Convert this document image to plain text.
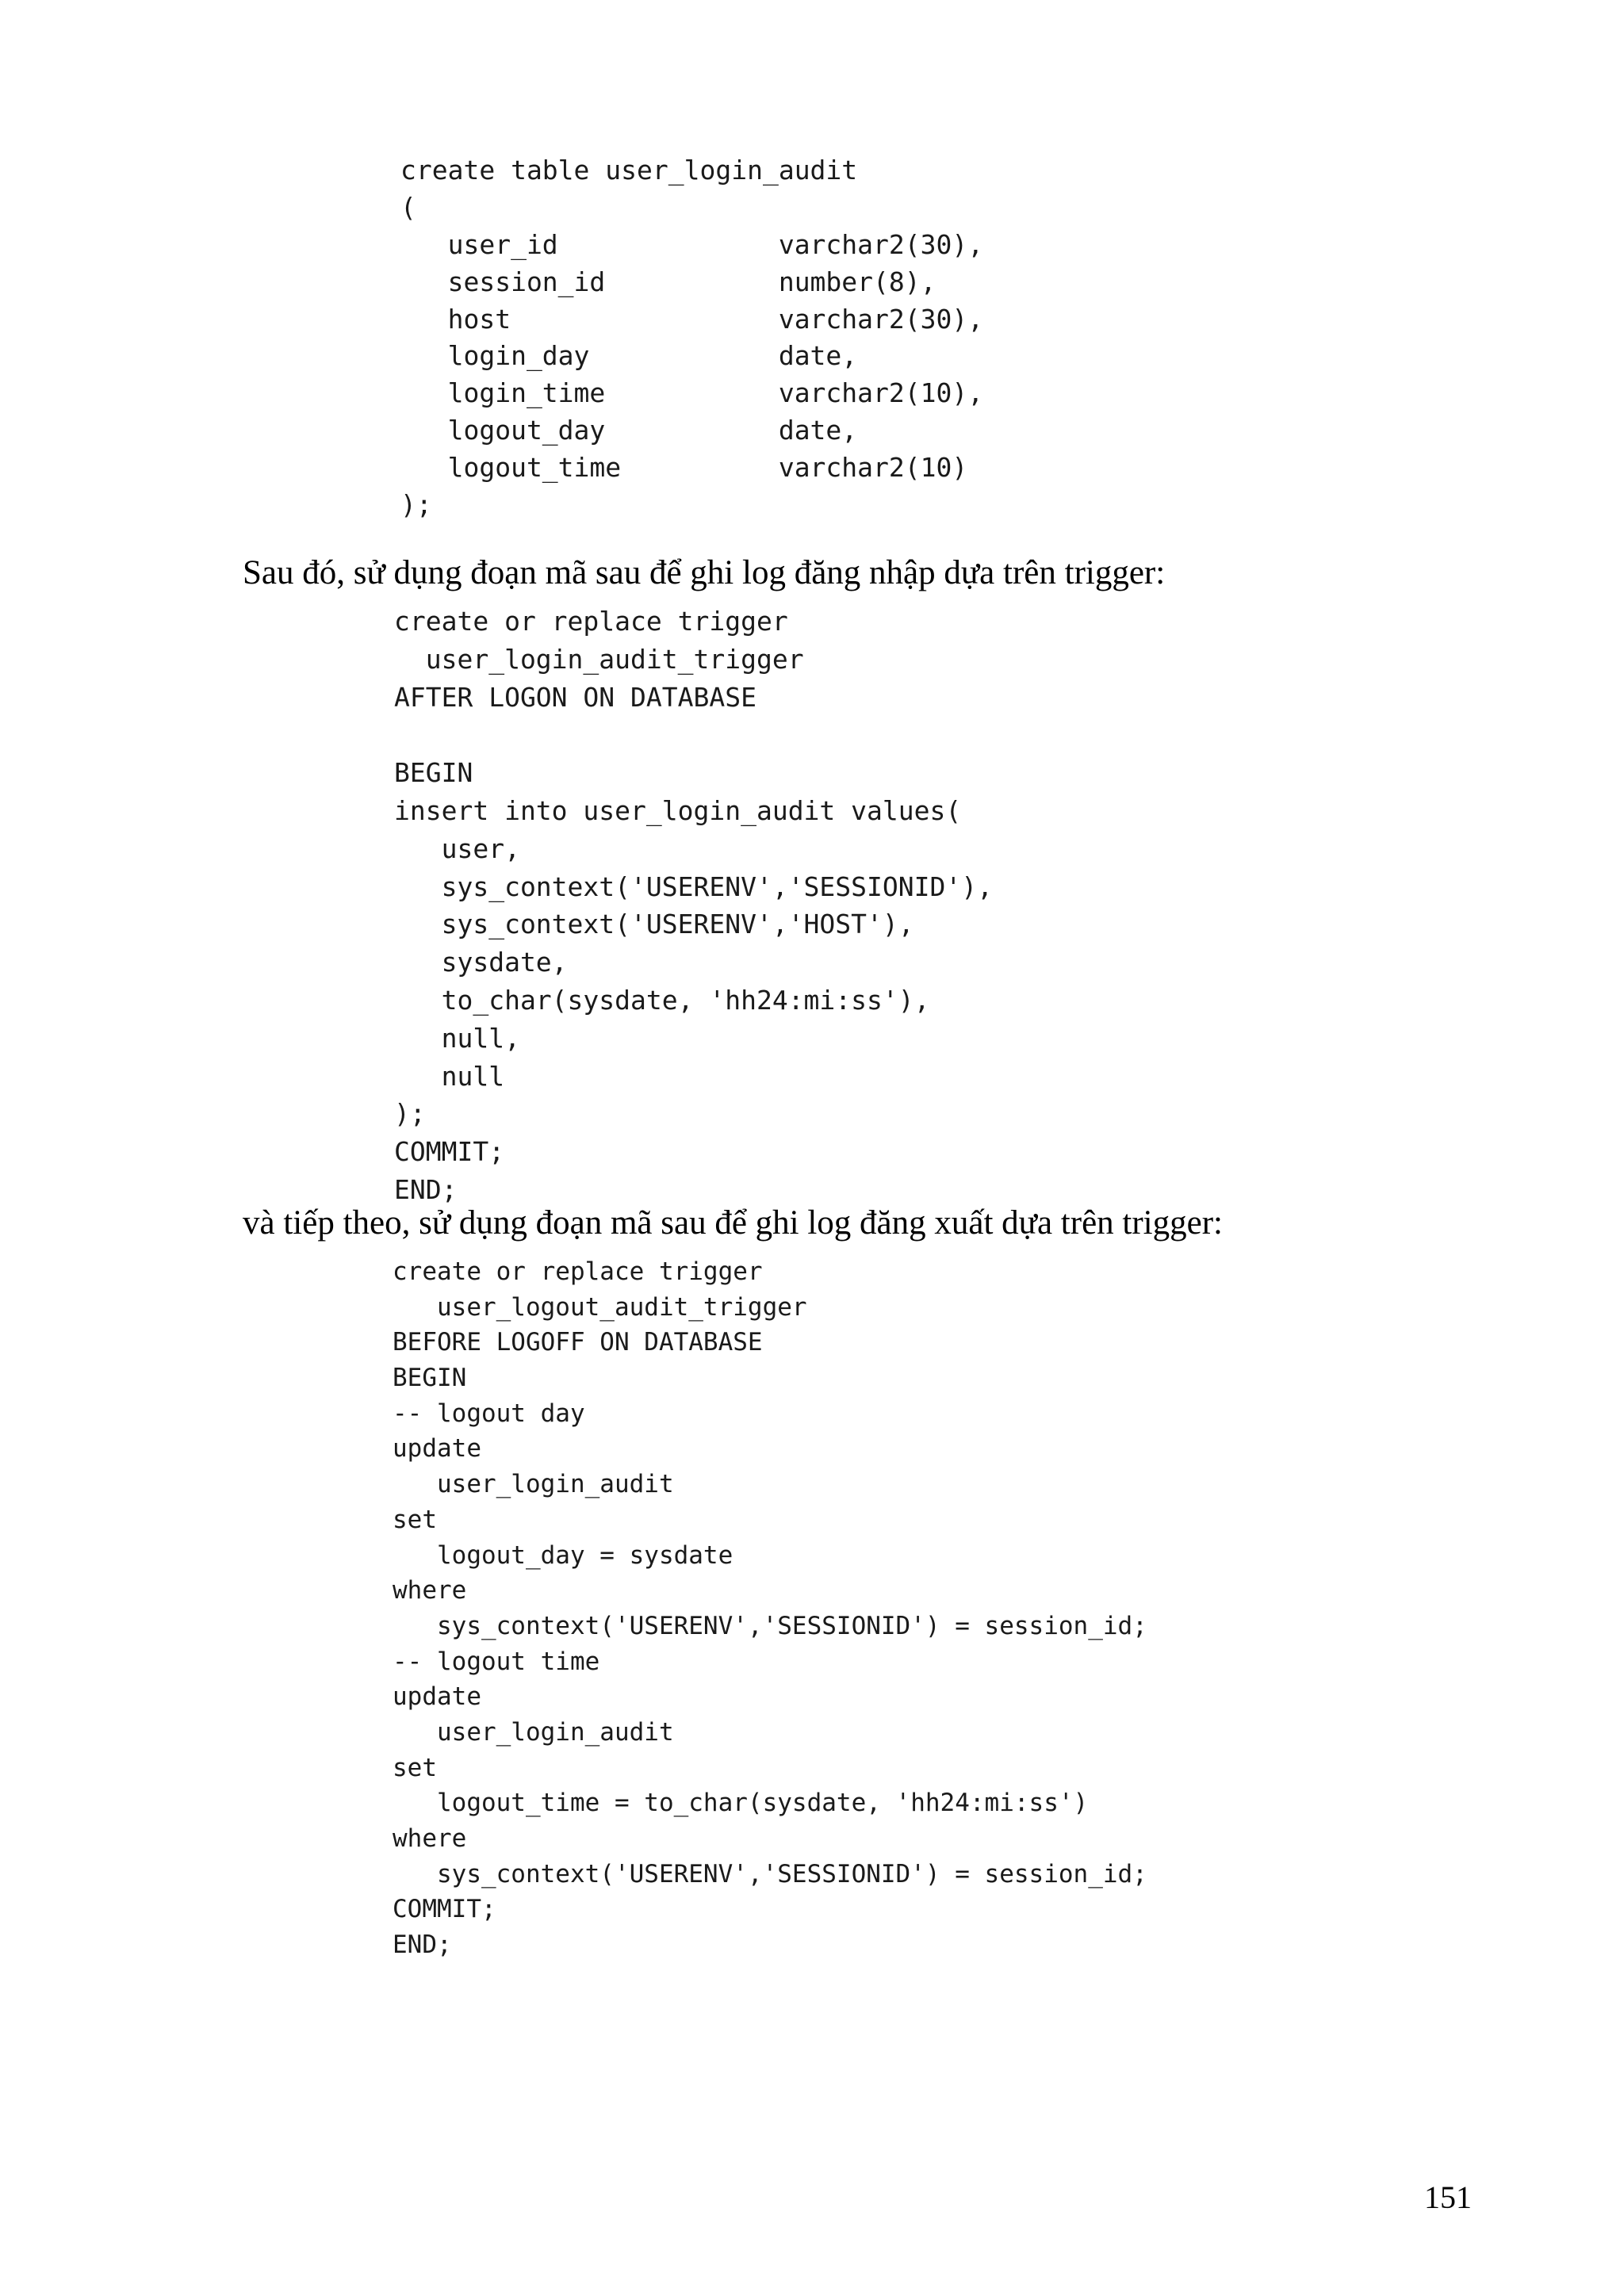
create table user_login_audit
(
user_id              varchar2(30),
session_id           number(8),
host                 varchar2(30),
login_day            date,
login_time           varchar2(10),
logout_day           date,
logout_time          varchar2(10)
);

Sau đó, sử dụng đoạn mã sau để ghi log đăng nhập dựa trên trigger:

create or replace trigger
user_login_audit_trigger
AFTER LOGON ON DATABASE
BEGIN
insert into user_login_audit values(
user,
sys_context('USERENV','SESSIONID'),
sys_context('USERENV','HOST'),
sysdate,
to_char(sysdate, 'hh24:mi:ss'),
null,
null
);
COMMIT;
END;

và tiếp theo, sử dụng đoạn mã sau để ghi log đăng xuất dựa trên trigger:

create or replace trigger
user_logout_audit_trigger
BEFORE LOGOFF ON DATABASE
BEGIN
-- logout day
update
user_login_audit
set
logout_day = sysdate
where
sys_context('USERENV','SESSIONID') = session_id;
-- logout time
update
user_login_audit
set
logout_time = to_char(sysdate, 'hh24:mi:ss')
where
sys_context('USERENV','SESSIONID') = session_id;
COMMIT;
END;
151
